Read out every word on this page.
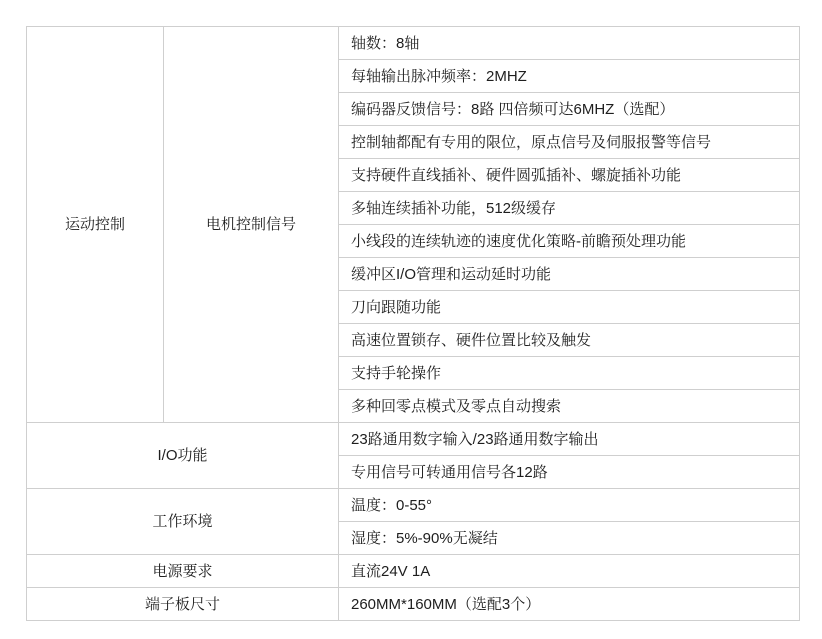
运动控制	电机控制信号	轴数：8轴
		每轴输出脉冲频率：2MHZ
		编码器反馈信号：8路 四倍频可达6MHZ（选配）
		控制轴都配有专用的限位，原点信号及伺服报警等信号
		支持硬件直线插补、硬件圆弧插补、螺旋插补功能
		多轴连续插补功能，512级缓存
		小线段的连续轨迹的速度优化策略-前瞻预处理功能
		缓冲区I/O管理和运动延时功能
		刀向跟随功能
		高速位置锁存、硬件位置比较及触发
		支持手轮操作
		多种回零点模式及零点自动搜索
I/O功能		23路通用数字输入/23路通用数字输出
		专用信号可转通用信号各12路
工作环境		温度：0-55°
		湿度：5%-90%无凝结
电源要求		直流24V 1A
端子板尺寸		260MM*160MM（选配3个）
